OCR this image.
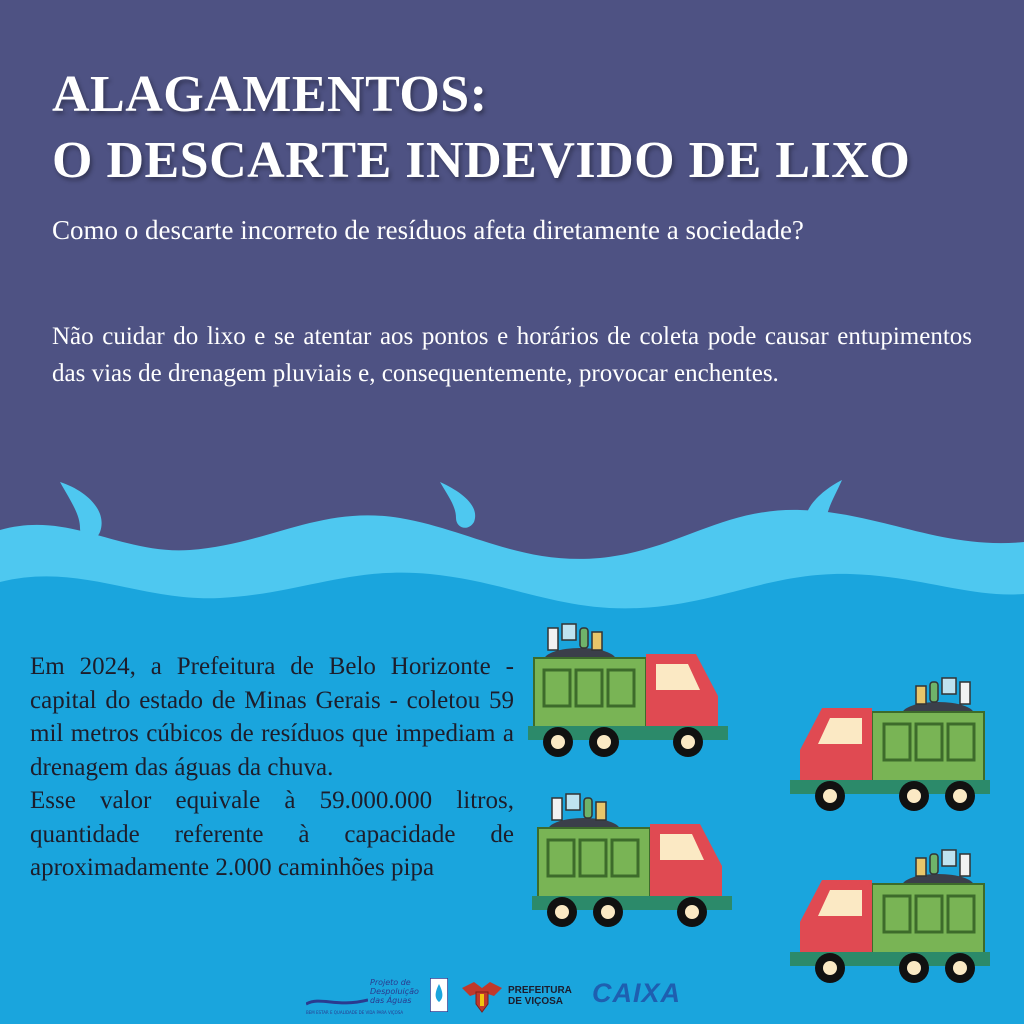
ALAGAMENTOS:
O DESCARTE INDEVIDO DE LIXO

Como o descarte incorreto de resíduos afeta diretamente a sociedade?

Não cuidar do lixo e se atentar aos pontos e horários de coleta pode causar entupimentos das vias de drenagem pluviais e, consequentemente, provocar enchentes.

Em 2024, a Prefeitura de Belo Horizonte - capital do estado de Minas Gerais - coletou 59 mil metros cúbicos de resíduos que impediam a drenagem das águas da chuva.

Esse valor equivale à 59.000.000 litros, quantidade referente à capacidade de aproximadamente 2.000 caminhões pipa

Projeto de
Despoluição
das Águas
BEM ESTAR E QUALIDADE DE VIDA PARA VIÇOSA
PREFEITURA
DE VIÇOSA	CAIXA
